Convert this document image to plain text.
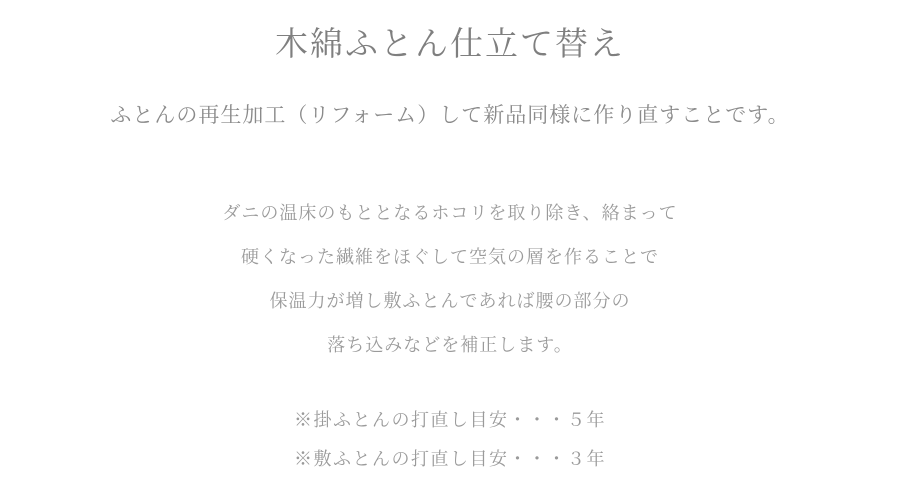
木綿ふとん仕立て替え

ふとんの再生加工（リフォーム）して新品同様に作り直すことです。

ダニの温床のもととなるホコリを取り除き、絡まって
硬くなった繊維をほぐして空気の層を作ることで
保温力が増し敷ふとんであれば腰の部分の
落ち込みなどを補正します。
※掛ふとんの打直し目安・・・５年
※敷ふとんの打直し目安・・・３年
